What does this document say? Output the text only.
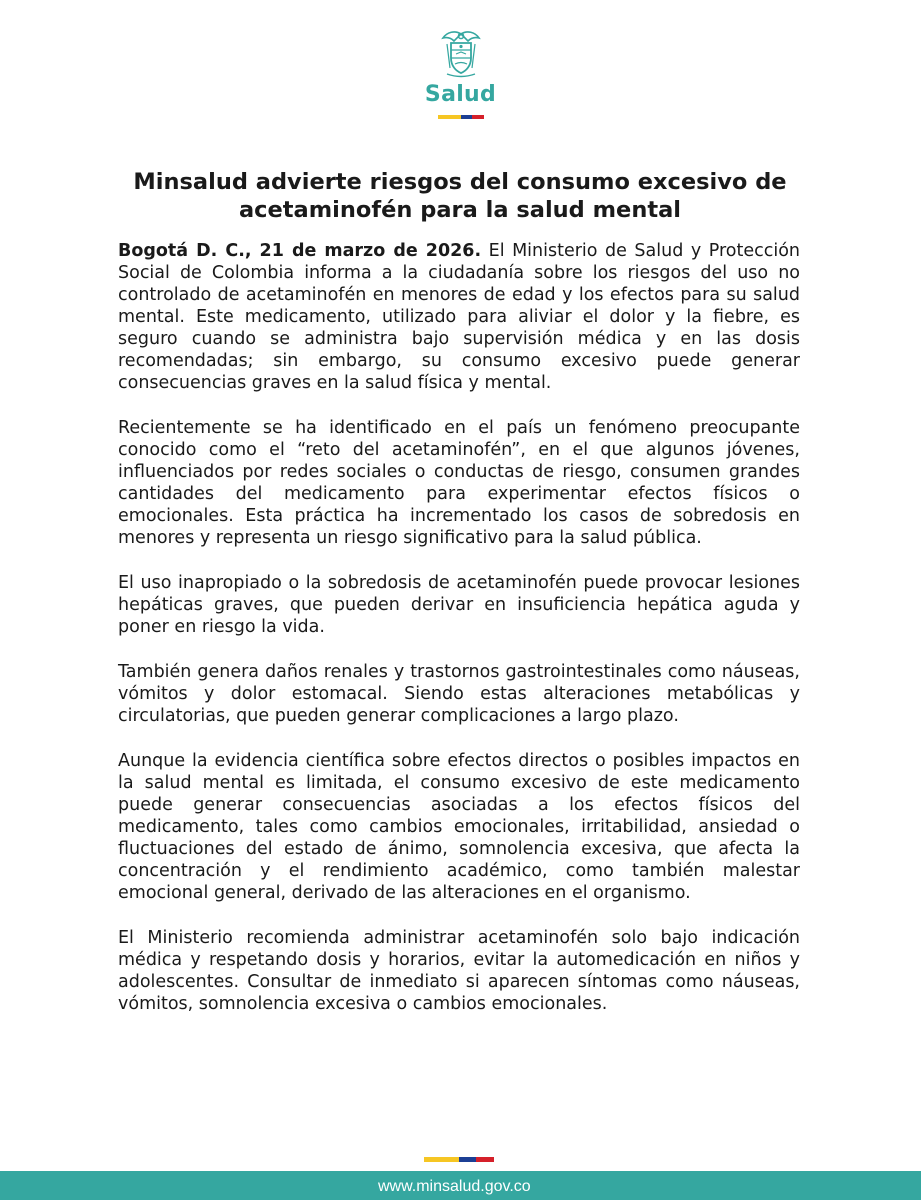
Salud
Minsalud advierte riesgos del consumo excesivo de acetaminofén para la salud mental

Bogotá D. C., 21 de marzo de 2026. El Ministerio de Salud y Protección Social de Colombia informa a la ciudadanía sobre los riesgos del uso no controlado de acetaminofén en menores de edad y los efectos para su salud mental. Este medicamento, utilizado para aliviar el dolor y la fiebre, es seguro cuando se administra bajo supervisión médica y en las dosis recomendadas; sin embargo, su consumo excesivo puede generar consecuencias graves en la salud física y mental.

Recientemente se ha identificado en el país un fenómeno preocupante conocido como el “reto del acetaminofén”, en el que algunos jóvenes, influenciados por redes sociales o conductas de riesgo, consumen grandes cantidades del medicamento para experimentar efectos físicos o emocionales. Esta práctica ha incrementado los casos de sobredosis en menores y representa un riesgo significativo para la salud pública.

El uso inapropiado o la sobredosis de acetaminofén puede provocar lesiones hepáticas graves, que pueden derivar en insuficiencia hepática aguda y poner en riesgo la vida.

También genera daños renales y trastornos gastrointestinales como náuseas, vómitos y dolor estomacal. Siendo estas alteraciones metabólicas y circulatorias, que pueden generar complicaciones a largo plazo.

Aunque la evidencia científica sobre efectos directos o posibles impactos en la salud mental es limitada, el consumo excesivo de este medicamento puede generar consecuencias asociadas a los efectos físicos del medicamento, tales como cambios emocionales, irritabilidad, ansiedad o fluctuaciones del estado de ánimo, somnolencia excesiva, que afecta la concentración y el rendimiento académico, como también malestar emocional general, derivado de las alteraciones en el organismo.

El Ministerio recomienda administrar acetaminofén solo bajo indicación médica y respetando dosis y horarios, evitar la automedicación en niños y adolescentes. Consultar de inmediato si aparecen síntomas como náuseas, vómitos, somnolencia excesiva o cambios emocionales.

www.minsalud.gov.co
